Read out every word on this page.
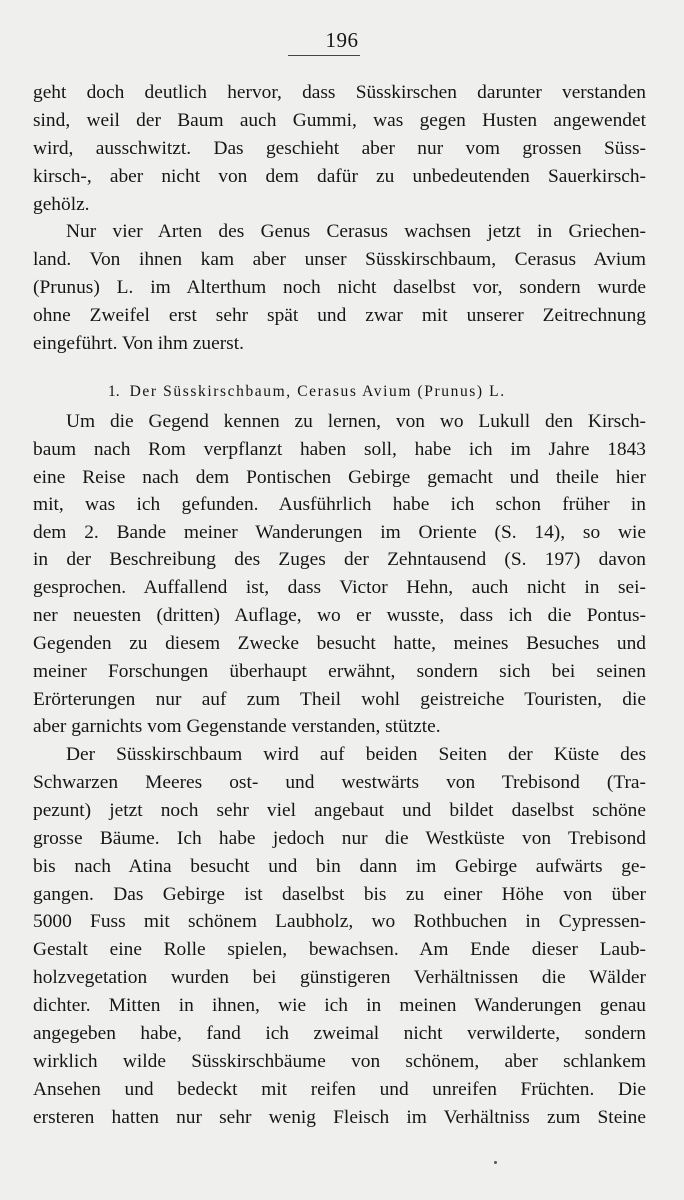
196
geht doch deutlich hervor, dass Süsskirschen darunter verstanden
sind, weil der Baum auch Gummi, was gegen Husten angewendet
wird, ausschwitzt. Das geschieht aber nur vom grossen Süss-
kirsch-, aber nicht von dem dafür zu unbedeutenden Sauerkirsch-
gehölz.
Nur vier Arten des Genus Cerasus wachsen jetzt in Griechen-
land. Von ihnen kam aber unser Süsskirschbaum, Cerasus Avium
(Prunus) L. im Alterthum noch nicht daselbst vor, sondern wurde
ohne Zweifel erst sehr spät und zwar mit unserer Zeitrechnung
eingeführt. Von ihm zuerst.
1. Der Süsskirschbaum, Cerasus Avium (Prunus) L.
Um die Gegend kennen zu lernen, von wo Lukull den Kirsch-
baum nach Rom verpflanzt haben soll, habe ich im Jahre 1843
eine Reise nach dem Pontischen Gebirge gemacht und theile hier
mit, was ich gefunden. Ausführlich habe ich schon früher in
dem 2. Bande meiner Wanderungen im Oriente (S. 14), so wie
in der Beschreibung des Zuges der Zehntausend (S. 197) davon
gesprochen. Auffallend ist, dass Victor Hehn, auch nicht in sei-
ner neuesten (dritten) Auflage, wo er wusste, dass ich die Pontus-
Gegenden zu diesem Zwecke besucht hatte, meines Besuches und
meiner Forschungen überhaupt erwähnt, sondern sich bei seinen
Erörterungen nur auf zum Theil wohl geistreiche Touristen, die
aber garnichts vom Gegenstande verstanden, stützte.
Der Süsskirschbaum wird auf beiden Seiten der Küste des
Schwarzen Meeres ost- und westwärts von Trebisond (Tra-
pezunt) jetzt noch sehr viel angebaut und bildet daselbst schöne
grosse Bäume. Ich habe jedoch nur die Westküste von Trebisond
bis nach Atina besucht und bin dann im Gebirge aufwärts ge-
gangen. Das Gebirge ist daselbst bis zu einer Höhe von über
5000 Fuss mit schönem Laubholz, wo Rothbuchen in Cypressen-
Gestalt eine Rolle spielen, bewachsen. Am Ende dieser Laub-
holzvegetation wurden bei günstigeren Verhältnissen die Wälder
dichter. Mitten in ihnen, wie ich in meinen Wanderungen genau
angegeben habe, fand ich zweimal nicht verwilderte, sondern
wirklich wilde Süsskirschbäume von schönem, aber schlankem
Ansehen und bedeckt mit reifen und unreifen Früchten. Die
ersteren hatten nur sehr wenig Fleisch im Verhältniss zum Steine
